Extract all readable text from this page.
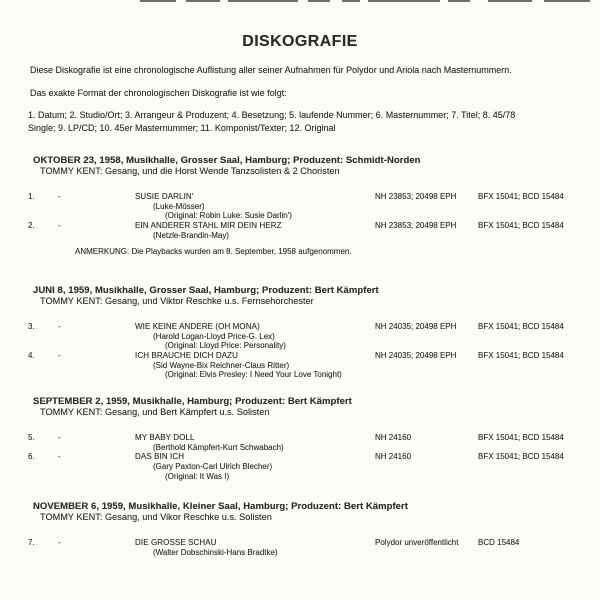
DISKOGRAFIE

Diese Diskografie ist eine chronologische Auflistung aller seiner Aufnahmen für Polydor und Ariola nach Masternummern.

Das exakte Format der chronologischen Diskografie ist wie folgt:

1. Datum; 2. Studio/Ort; 3. Arrangeur & Produzent; 4. Besetzung; 5. laufende Nummer; 6. Masternummer; 7. Titel; 8. 45/78
Single; 9. LP/CD; 10. 45er Masternummer; 11. Komponist/Texter; 12. Original
OKTOBER 23, 1958, Musikhalle, Grosser Saal, Hamburg; Produzent: Schmidt-Norden
TOMMY KENT: Gesang, und die Horst Wende Tanzsolisten & 2 Choristen
1.	-	SUSIE DARLIN'	NH 23853; 20498 EPH	BFX 15041; BCD 15484
(Luke-Mösser)
(Original: Robin Luke: Susie Darlin')
2.	-	EIN ANDERER STAHL MIR DEIN HERZ	NH 23853; 20498 EPH	BFX 15041; BCD 15484
(Netzle-Brandin-May)
ANMERKUNG: Die Playbacks wurden am 8. September, 1958 aufgenommen.
JUNI 8, 1959, Musikhalle, Grosser Saal, Hamburg; Produzent: Bert Kämpfert
TOMMY KENT: Gesang, und Viktor Reschke u.s. Fernsehorchester
3.	-	WIE KEINE ANDERE (OH MONA)	NH 24035; 20498 EPH	BFX 15041; BCD 15484
(Harold Logan-Lloyd Price-G. Lex)
(Original: Lloyd Price: Personality)
4.	-	ICH BRAUCHE DICH DAZU	NH 24035; 20498 EPH	BFX 15041; BCD 15484
(Sid Wayne-Bix Reichner-Claus Ritter)
(Original: Elvis Presley: I Need Your Love Tonight)
SEPTEMBER 2, 1959, Musikhalle, Hamburg; Produzent: Bert Kämpfert
TOMMY KENT: Gesang, und Bert Kämpfert u.s. Solisten
5.	-	MY BABY DOLL	NH 24160	BFX 15041; BCD 15484
(Berthold Kämpfert-Kurt Schwabach)
6.	-	DAS BIN ICH	NH 24160	BFX 15041; BCD 15484
(Gary Paxton-Carl Ulrich Blecher)
(Original: It Was I)
NOVEMBER 6, 1959, Musikhalle, Kleiner Saal, Hamburg; Produzent: Bert Kämpfert
TOMMY KENT: Gesang, und Vikor Reschke u.s. Solisten
7.	-	DIE GROSSE SCHAU	Polydor unveröffentlicht BCD 15484
(Walter Dobschinski-Hans Bradtke)
